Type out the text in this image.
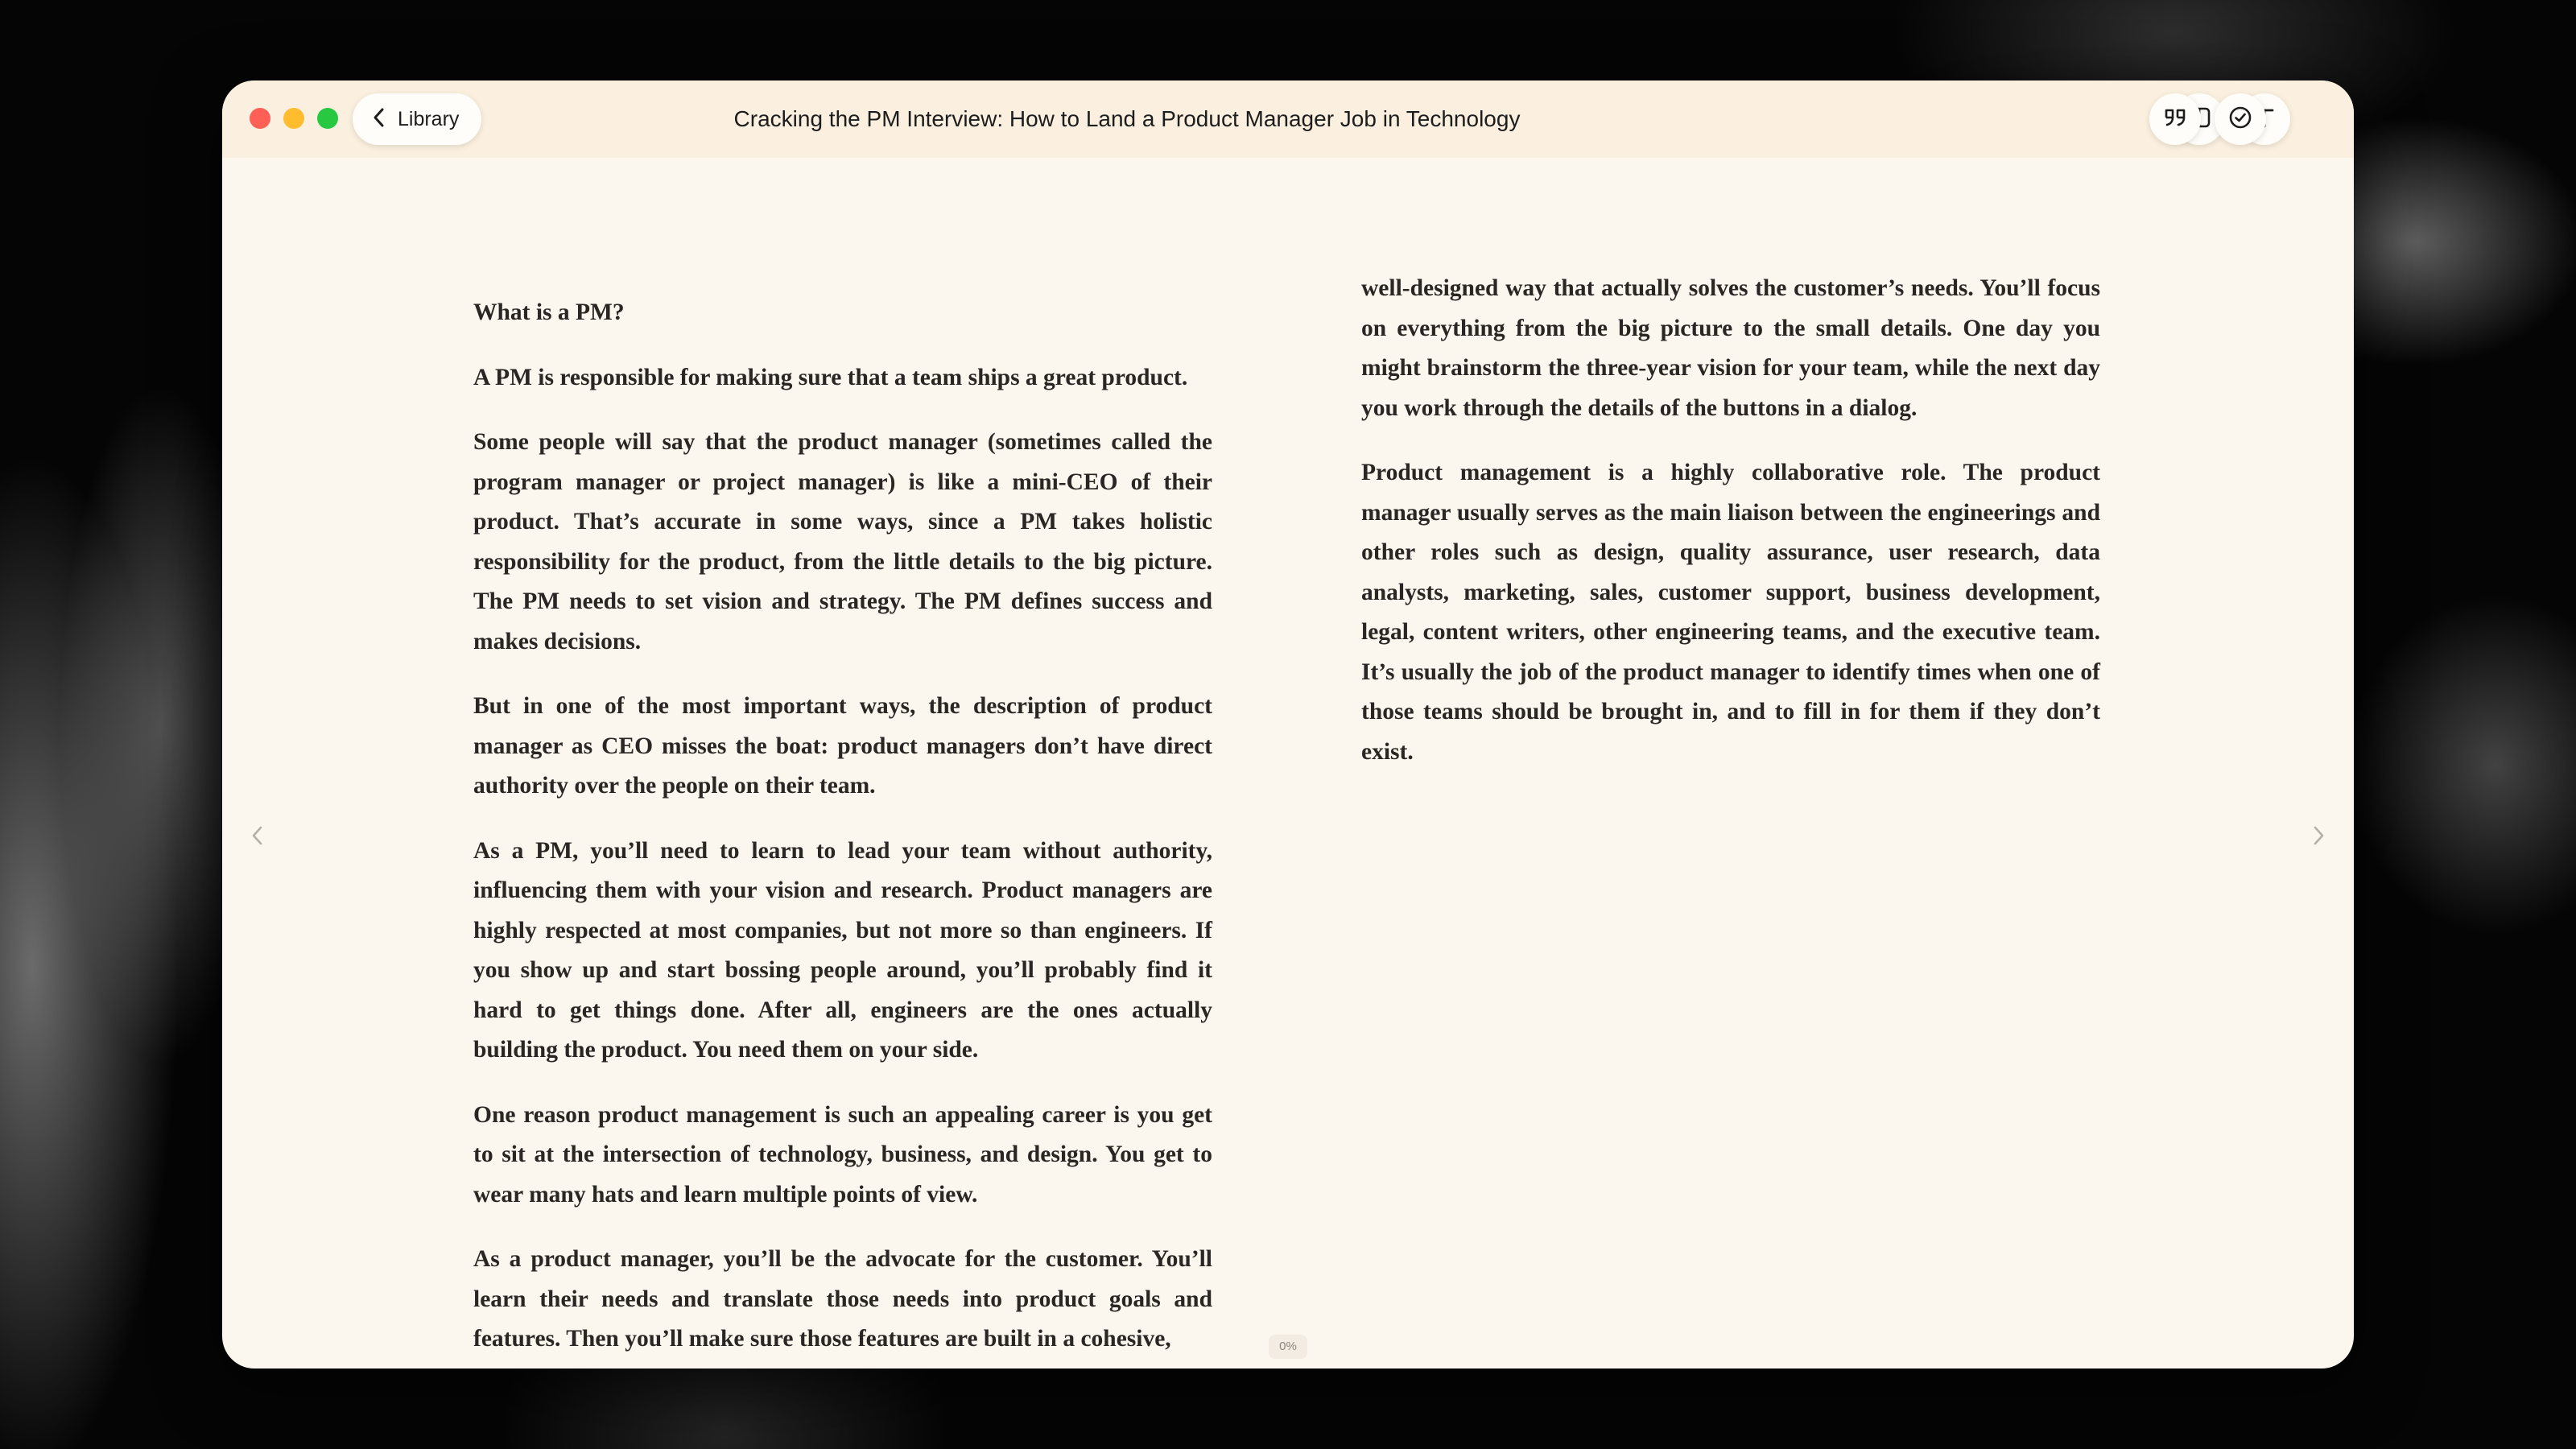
Library	Cracking the PM Interview: How to Land a Product Manager Job in Technology

What is a PM?

A PM is responsible for making sure that a team ships a great product.

Some people will say that the product manager (sometimes called the program manager or project manager) is like a mini-CEO of their product. That’s accurate in some ways, since a PM takes holistic responsibility for the product, from the little details to the big picture. The PM needs to set vision and strategy. The PM defines success and makes decisions.

But in one of the most important ways, the description of product manager as CEO misses the boat: product managers don’t have direct authority over the people on their team.

As a PM, you’ll need to learn to lead your team without authority, influencing them with your vision and research. Product managers are highly respected at most companies, but not more so than engineers. If you show up and start bossing people around, you’ll probably find it hard to get things done. After all, engineers are the ones actually building the product. You need them on your side.

One reason product management is such an appealing career is you get to sit at the intersection of technology, business, and design. You get to wear many hats and learn multiple points of view.

As a product manager, you’ll be the advocate for the customer. You’ll learn their needs and translate those needs into product goals and features. Then you’ll make sure those features are built in a cohesive,

well-designed way that actually solves the customer’s needs. You’ll focus on everything from the big picture to the small details. One day you might brainstorm the three-year vision for your team, while the next day you work through the details of the buttons in a dialog.

Product management is a highly collaborative role. The product manager usually serves as the main liaison between the engineerings and other roles such as design, quality assurance, user research, data analysts, marketing, sales, customer support, business development, legal, content writers, other engineering teams, and the executive team. It’s usually the job of the product manager to identify times when one of those teams should be brought in, and to fill in for them if they don’t exist.

0%
